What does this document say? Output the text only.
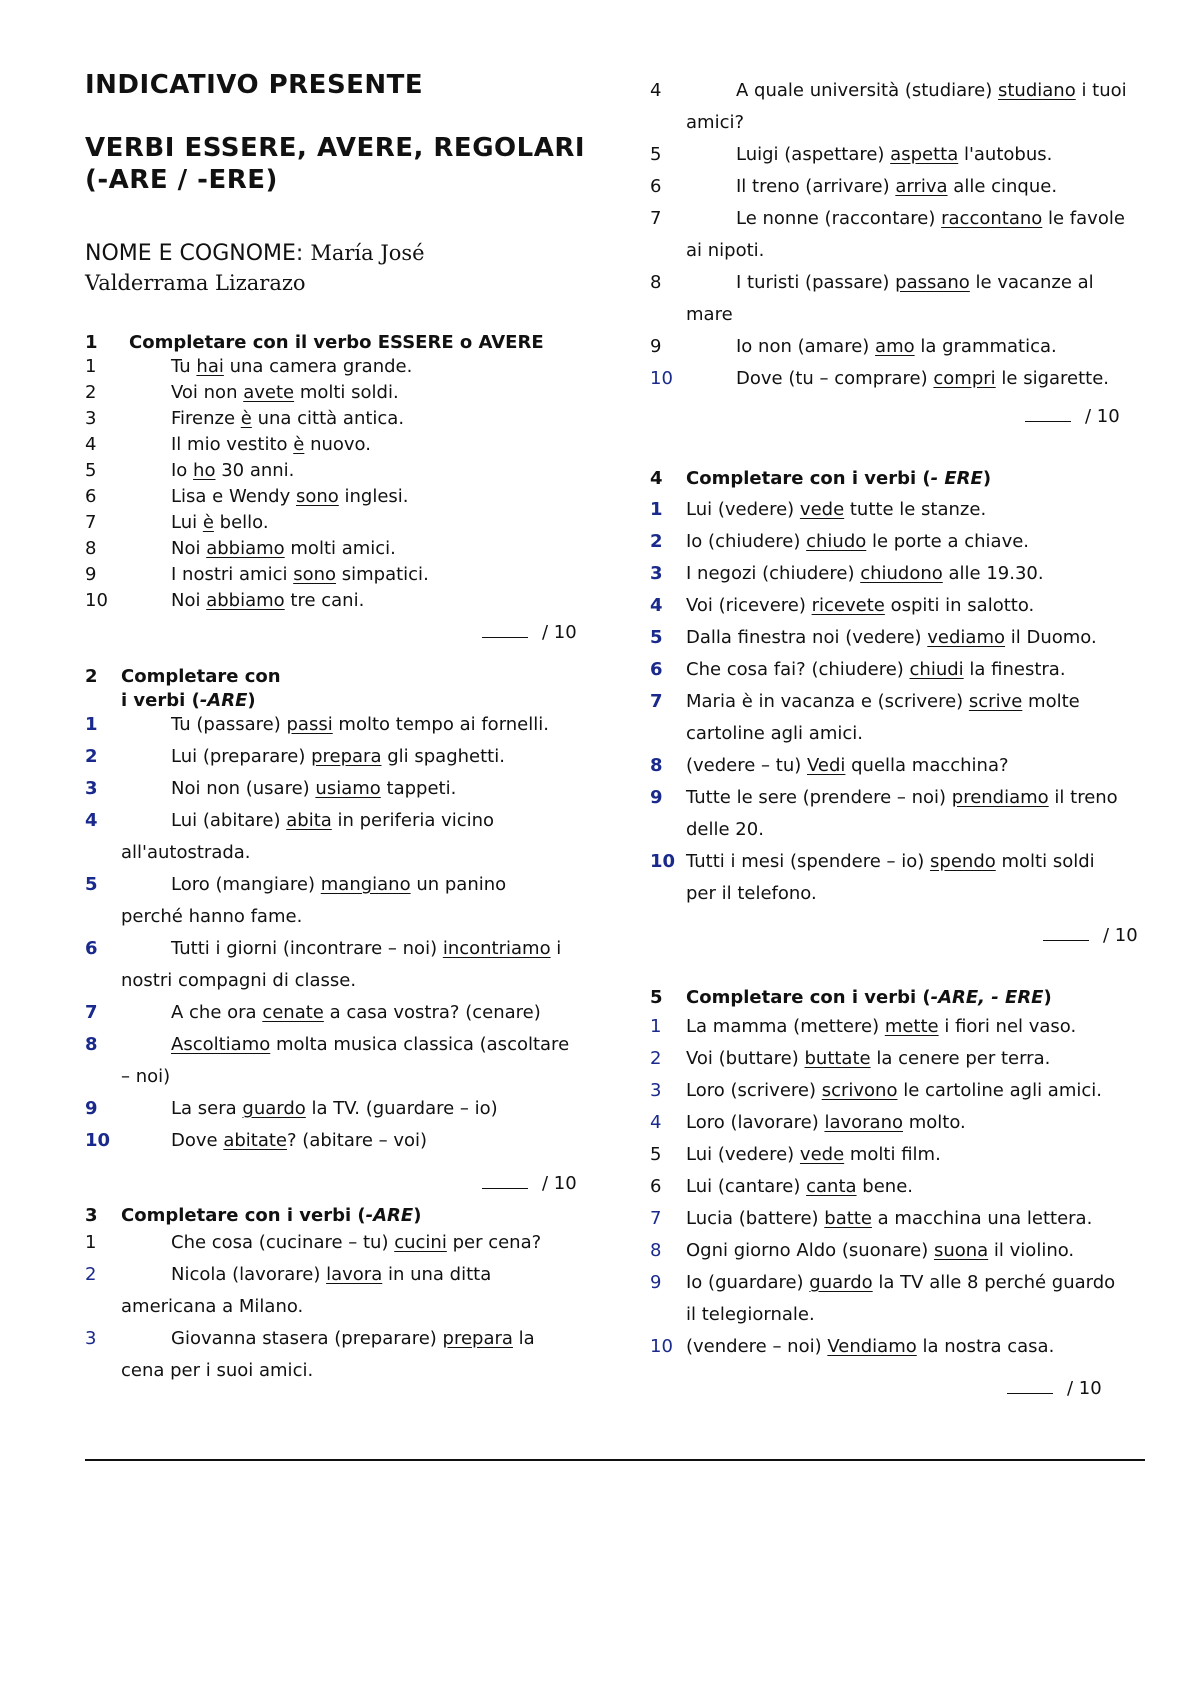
INDICATIVO PRESENTE
VERBI ESSERE, AVERE, REGOLARI
(-ARE / -ERE)
NOME E COGNOME: María José
Valderrama Lizarazo
1 Completare con il verbo ESSERE o AVERE
1	Tu hai una camera grande.
2	Voi non avete molti soldi.
3	Firenze è una città antica.
4	Il mio vestito è nuovo.
5	Io ho 30 anni.
6	Lisa e Wendy sono inglesi.
7	Lui è bello.
8	Noi abbiamo molti amici.
9	I nostri amici sono simpatici.
10	Noi abbiamo tre cani.
/ 10
2 Completare con
i verbi (-ARE)
1	Tu (passare) passi molto tempo ai fornelli.
2	Lui (preparare) prepara gli spaghetti.
3	Noi non (usare) usiamo tappeti.
4	Lui (abitare) abita in periferia vicino
all'autostrada.
5	Loro (mangiare) mangiano un panino
perché hanno fame.
6	Tutti i giorni (incontrare – noi) incontriamo i
nostri compagni di classe.
7	A che ora cenate a casa vostra? (cenare)
8	Ascoltiamo molta musica classica (ascoltare
– noi)
9	La sera guardo la TV. (guardare – io)
10	Dove abitate? (abitare – voi)
/ 10
3 Completare con i verbi (-ARE)
1	Che cosa (cucinare – tu) cucini per cena?
2	Nicola (lavorare) lavora in una ditta
americana a Milano.
3	Giovanna stasera (preparare) prepara la
cena per i suoi amici.
4	A quale università (studiare) studiano i tuoi
amici?
5	Luigi (aspettare) aspetta l'autobus.
6	Il treno (arrivare) arriva alle cinque.
7	Le nonne (raccontare) raccontano le favole
ai nipoti.
8	I turisti (passare) passano le vacanze al
mare
9	Io non (amare) amo la grammatica.
10	Dove (tu – comprare) compri le sigarette.
/ 10
4 Completare con i verbi (- ERE)
1 Lui (vedere) vede tutte le stanze.
2 Io (chiudere) chiudo le porte a chiave.
3 I negozi (chiudere) chiudono alle 19.30.
4 Voi (ricevere) ricevete ospiti in salotto.
5 Dalla finestra noi (vedere) vediamo il Duomo.
6 Che cosa fai? (chiudere) chiudi la finestra.
7 Maria è in vacanza e (scrivere) scrive molte
cartoline agli amici.
8 (vedere – tu) Vedi quella macchina?
9 Tutte le sere (prendere – noi) prendiamo il treno
delle 20.
10 Tutti i mesi (spendere – io) spendo molti soldi
per il telefono.
/ 10
5 Completare con i verbi (-ARE, - ERE)
1 La mamma (mettere) mette i fiori nel vaso.
2 Voi (buttare) buttate la cenere per terra.
3 Loro (scrivere) scrivono le cartoline agli amici.
4 Loro (lavorare) lavorano molto.
5 Lui (vedere) vede molti film.
6 Lui (cantare) canta bene.
7 Lucia (battere) batte a macchina una lettera.
8 Ogni giorno Aldo (suonare) suona il violino.
9 Io (guardare) guardo la TV alle 8 perché guardo
il telegiornale.
10 (vendere – noi) Vendiamo la nostra casa.
/ 10
